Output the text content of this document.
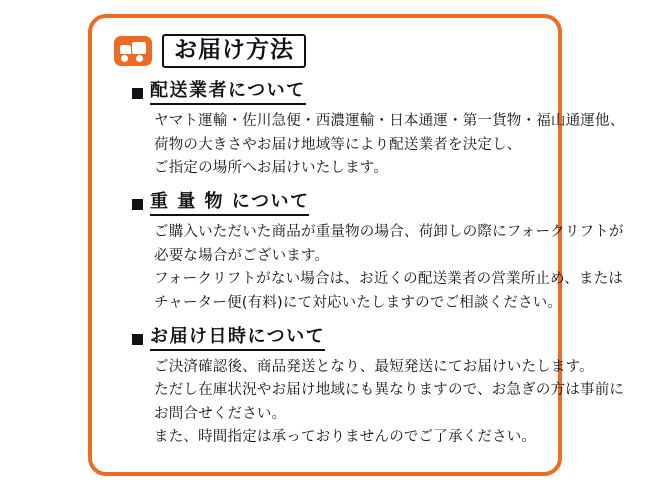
お届け方法
配送業者について
ヤマト運輸・佐川急便・西濃運輸・日本通運・第一貨物・福山通運他、
荷物の大きさやお届け地域等により配送業者を決定し、
ご指定の場所へお届けいたします。
重 量 物 について
ご購入いただいた商品が重量物の場合、荷卸しの際にフォークリフトが
必要な場合がございます。
フォークリフトがない場合は、お近くの配送業者の営業所止め、または
チャーター便(有料)にて対応いたしますのでご相談ください。
お届け日時について
ご決済確認後、商品発送となり、最短発送にてお届けいたします。
ただし在庫状況やお届け地域にも異なりますので、お急ぎの方は事前に
お問合せください。
また、時間指定は承っておりませんのでご了承ください。
